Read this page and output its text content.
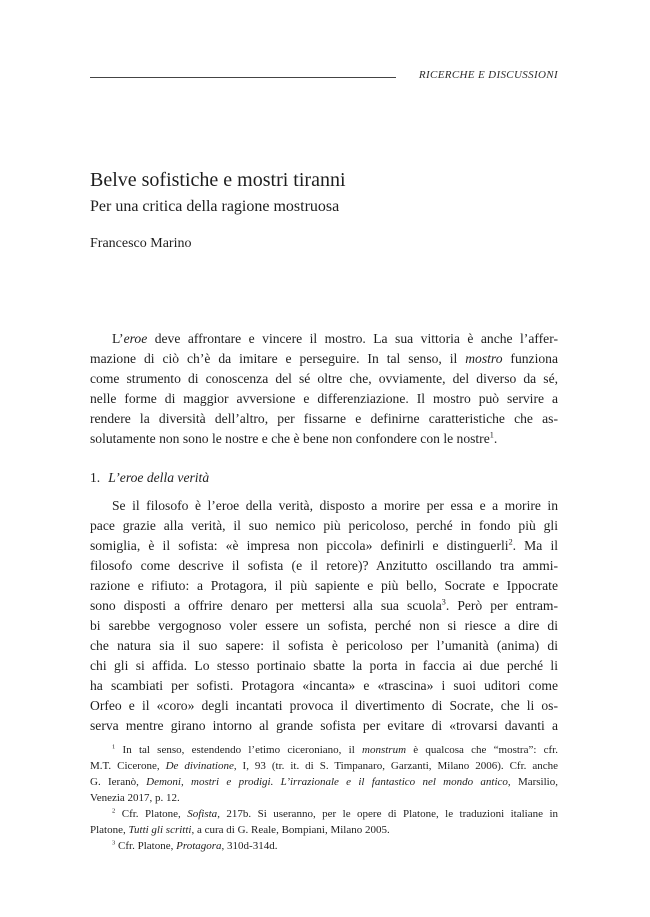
RICERCHE E DISCUSSIONI
Belve sofistiche e mostri tiranni
Per una critica della ragione mostruosa
Francesco Marino
L’eroe deve affrontare e vincere il mostro. La sua vittoria è anche l’affer-
mazione di ciò ch’è da imitare e perseguire. In tal senso, il mostro funziona
come strumento di conoscenza del sé oltre che, ovviamente, del diverso da sé,
nelle forme di maggior avversione e differenziazione. Il mostro può servire a
rendere la diversità dell’altro, per fissarne e definirne caratteristiche che as-
solutamente non sono le nostre e che è bene non confondere con le nostre$^1$.
1. L’eroe della verità
Se il filosofo è l’eroe della verità, disposto a morire per essa e a morire in
pace grazie alla verità, il suo nemico più pericoloso, perché in fondo più gli
somiglia, è il sofista: «è impresa non piccola» definirli e distinguerli$^2$. Ma il
filosofo come descrive il sofista (e il retore)? Anzitutto oscillando tra ammi-
razione e rifiuto: a Protagora, il più sapiente e più bello, Socrate e Ippocrate
sono disposti a offrire denaro per mettersi alla sua scuola$^3$. Però per entram-
bi sarebbe vergognoso voler essere un sofista, perché non si riesce a dire di
che natura sia il suo sapere: il sofista è pericoloso per l’umanità (anima) di
chi gli si affida. Lo stesso portinaio sbatte la porta in faccia ai due perché li
ha scambiati per sofisti. Protagora «incanta» e «trascina» i suoi uditori come
Orfeo e il «coro» degli incantati provoca il divertimento di Socrate, che li os-
serva mentre girano intorno al grande sofista per evitare di «trovarsi davanti a
$^1$ In tal senso, estendendo l’etimo ciceroniano, il monstrum è qualcosa che “mostra”: cfr.
M.T. Cicerone, De divinatione, I, 93 (tr. it. di S. Timpanaro, Garzanti, Milano 2006). Cfr. anche
G. Ieranò, Demoni, mostri e prodigi. L’irrazionale e il fantastico nel mondo antico, Marsilio,
Venezia 2017, p. 12.
$^2$ Cfr. Platone, Sofista, 217b. Si useranno, per le opere di Platone, le traduzioni italiane in
Platone, Tutti gli scritti, a cura di G. Reale, Bompiani, Milano 2005.
$^3$ Cfr. Platone, Protagora, 310d-314d.
